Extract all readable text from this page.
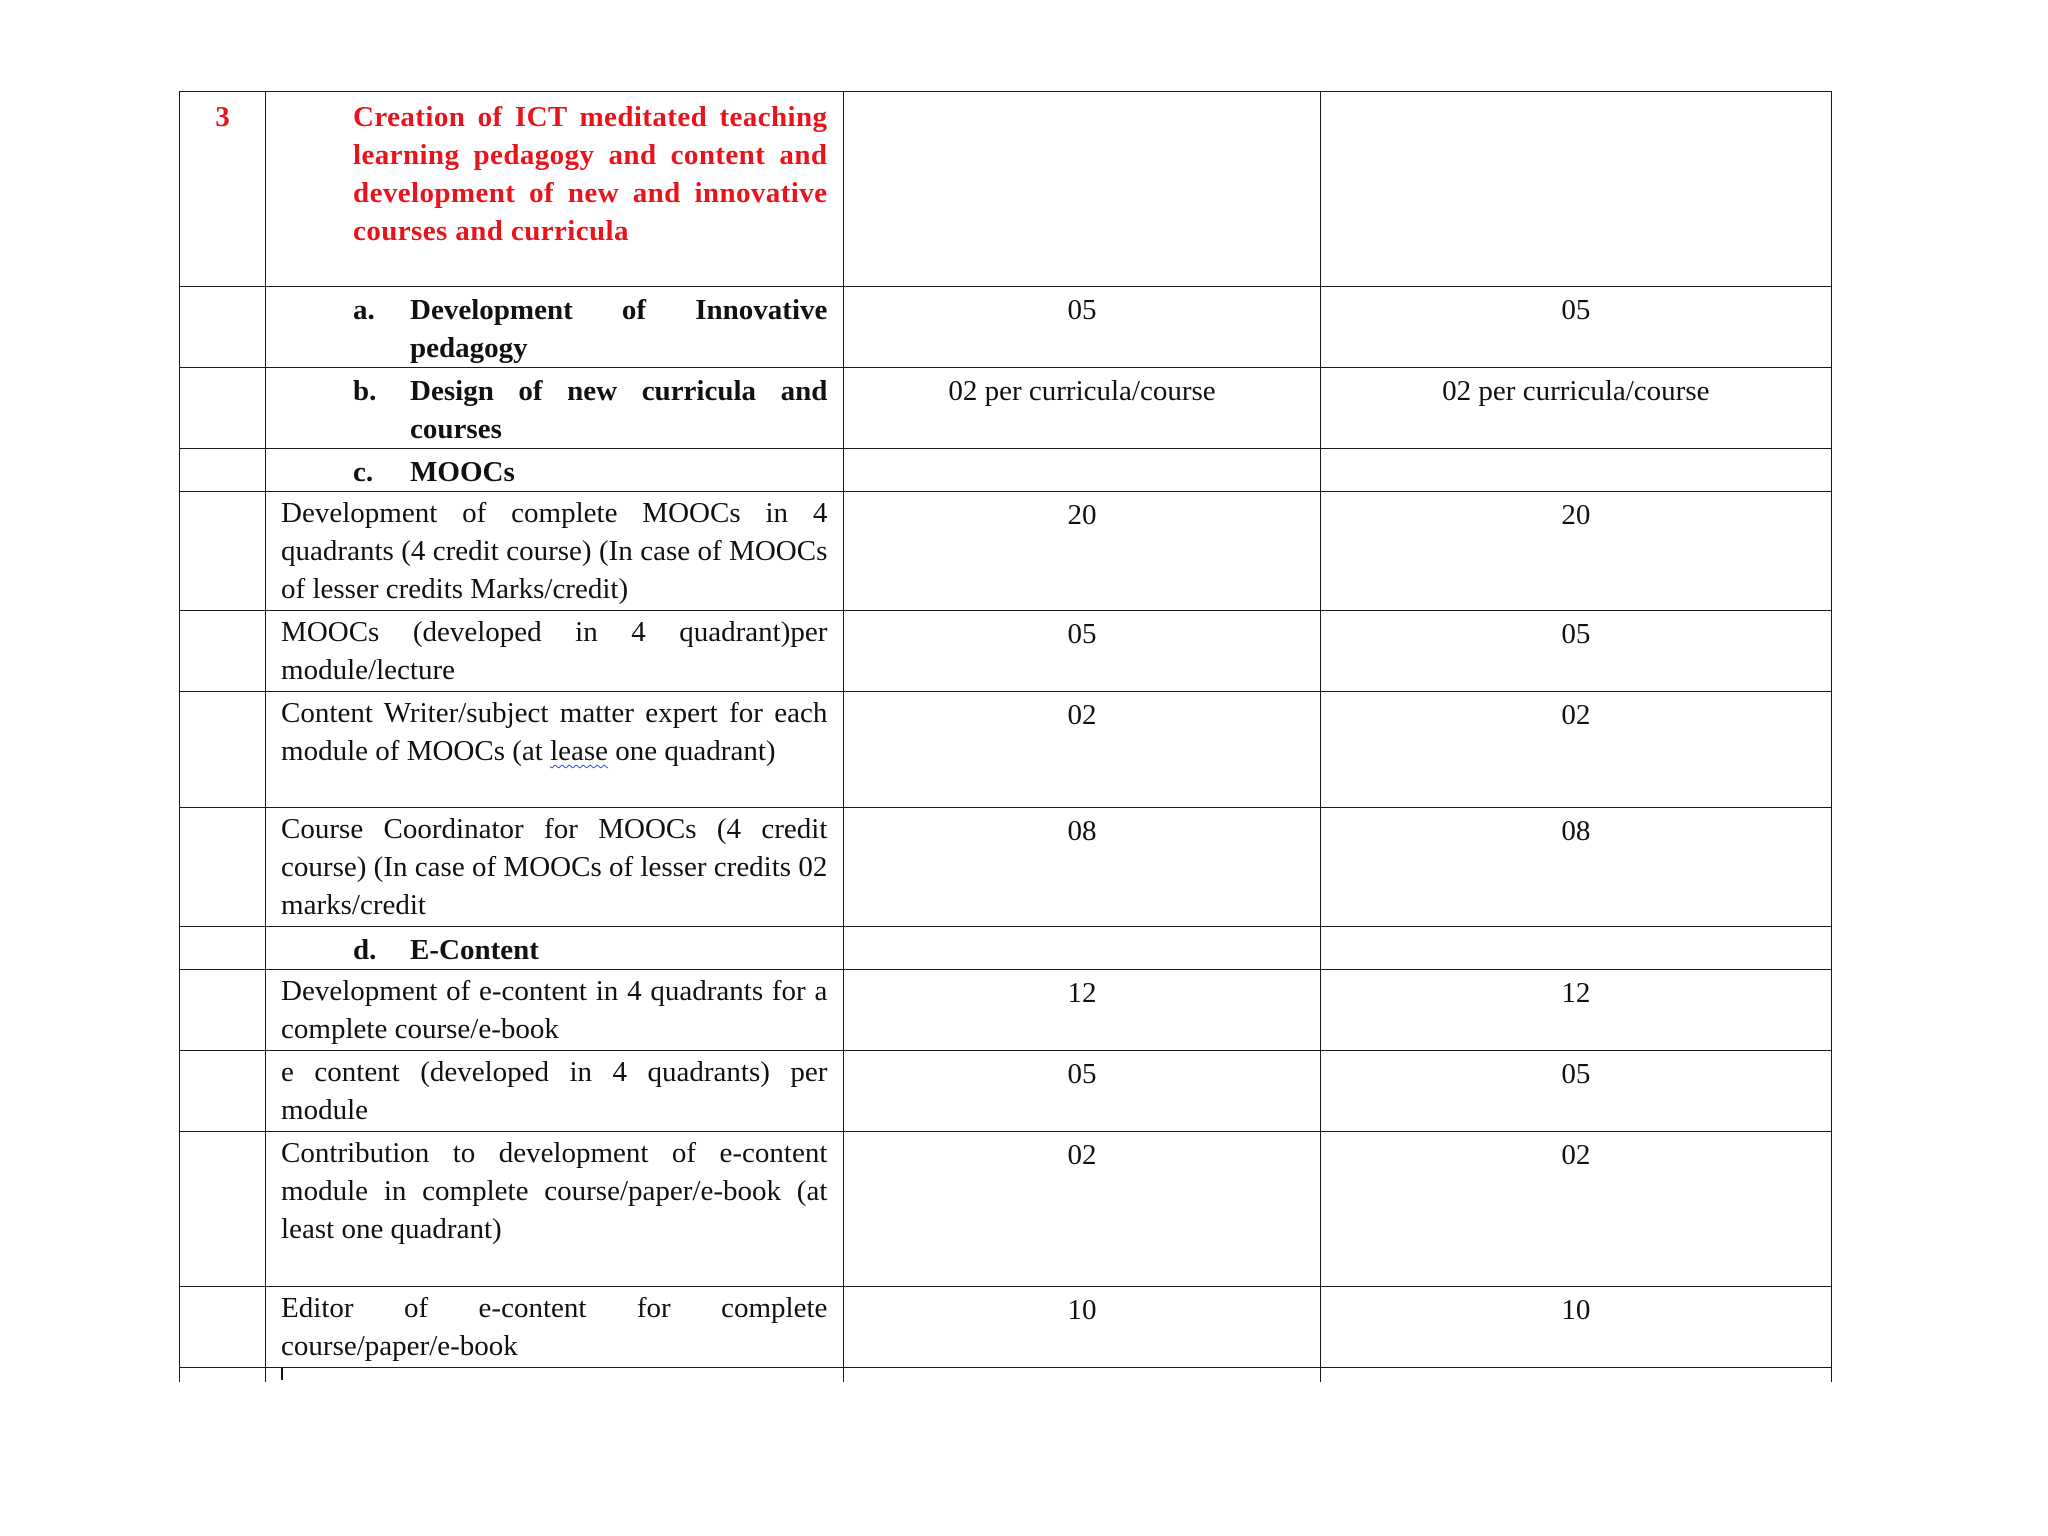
3	Creation of ICT meditated teaching learning pedagogy and content and development of new and innovative courses and curricula		

	a. Development of Innovative pedagogy	05	05

	b. Design of new curricula and courses	02 per curricula/course	02 per curricula/course

	c. MOOCs		

	Development of complete MOOCs in 4 quadrants (4 credit course) (In case of MOOCs of lesser credits Marks/credit)	20	20
	MOOCs (developed in 4 quadrant)per module/lecture	05	05
	Content Writer/subject matter expert for each module of MOOCs (at lease one quadrant)	02	02
	Course Coordinator for MOOCs (4 credit course) (In case of MOOCs of lesser credits 02 marks/credit	08	08

	d. E-Content		

	Development of e-content in 4 quadrants for a complete course/e-book	12	12
	e content (developed in 4 quadrants) per module	05	05
	Contribution to development of e-content module in complete course/paper/e-book (at least one quadrant)	02	02
	Editor of e-content for complete course/paper/e-book	10	10
